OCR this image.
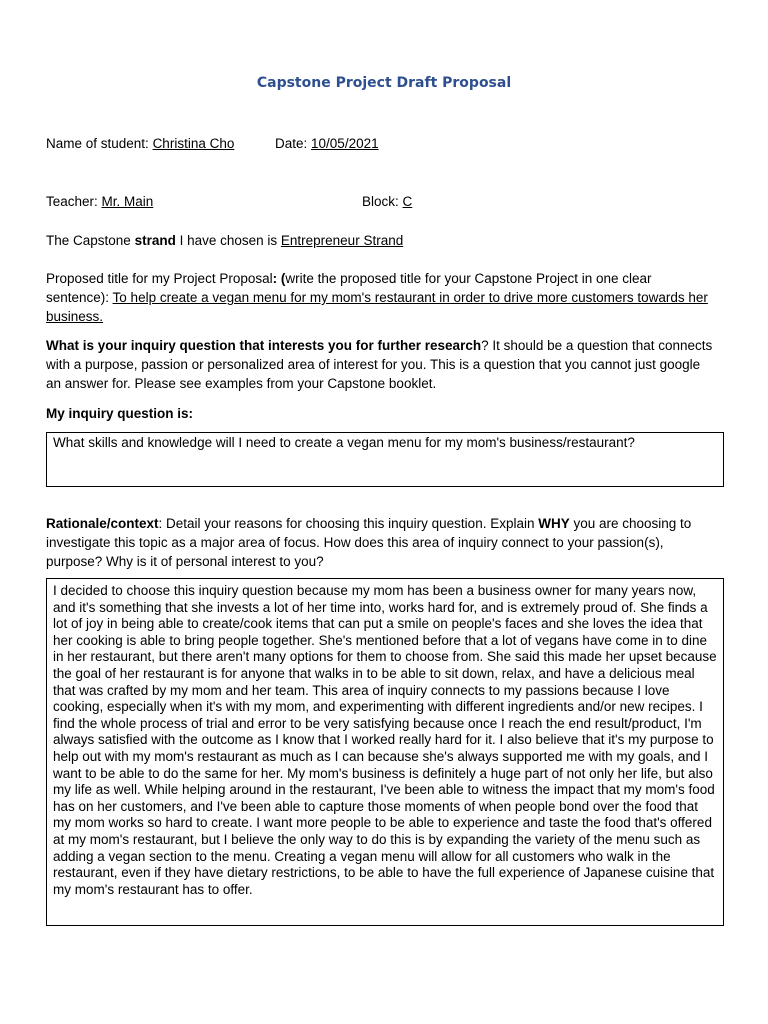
Capstone Project Draft Proposal
Name of student: Christina Cho	Date: 10/05/2021
Teacher: Mr. Main	Block: C
The Capstone strand I have chosen is Entrepreneur Strand
Proposed title for my Project Proposal: (write the proposed title for your Capstone Project in one clear sentence): To help create a vegan menu for my mom's restaurant in order to drive more customers towards her business.
What is your inquiry question that interests you for further research? It should be a question that connects with a purpose, passion or personalized area of interest for you. This is a question that you cannot just google an answer for. Please see examples from your Capstone booklet.
My inquiry question is:
What skills and knowledge will I need to create a vegan menu for my mom's business/restaurant?
Rationale/context: Detail your reasons for choosing this inquiry question. Explain WHY you are choosing to investigate this topic as a major area of focus. How does this area of inquiry connect to your passion(s), purpose? Why is it of personal interest to you?
I decided to choose this inquiry question because my mom has been a business owner for many years now, and it's something that she invests a lot of her time into, works hard for, and is extremely proud of. She finds a lot of joy in being able to create/cook items that can put a smile on people's faces and she loves the idea that her cooking is able to bring people together. She's mentioned before that a lot of vegans have come in to dine in her restaurant, but there aren't many options for them to choose from. She said this made her upset because the goal of her restaurant is for anyone that walks in to be able to sit down, relax, and have a delicious meal that was crafted by my mom and her team. This area of inquiry connects to my passions because I love cooking, especially when it's with my mom, and experimenting with different ingredients and/or new recipes. I find the whole process of trial and error to be very satisfying because once I reach the end result/product, I'm always satisfied with the outcome as I know that I worked really hard for it. I also believe that it's my purpose to help out with my mom's restaurant as much as I can because she's always supported me with my goals, and I want to be able to do the same for her. My mom's business is definitely a huge part of not only her life, but also my life as well. While helping around in the restaurant, I've been able to witness the impact that my mom's food has on her customers, and I've been able to capture those moments of when people bond over the food that my mom works so hard to create. I want more people to be able to experience and taste the food that's offered at my mom's restaurant, but I believe the only way to do this is by expanding the variety of the menu such as adding a vegan section to the menu. Creating a vegan menu will allow for all customers who walk in the restaurant, even if they have dietary restrictions, to be able to have the full experience of Japanese cuisine that my mom's restaurant has to offer.
